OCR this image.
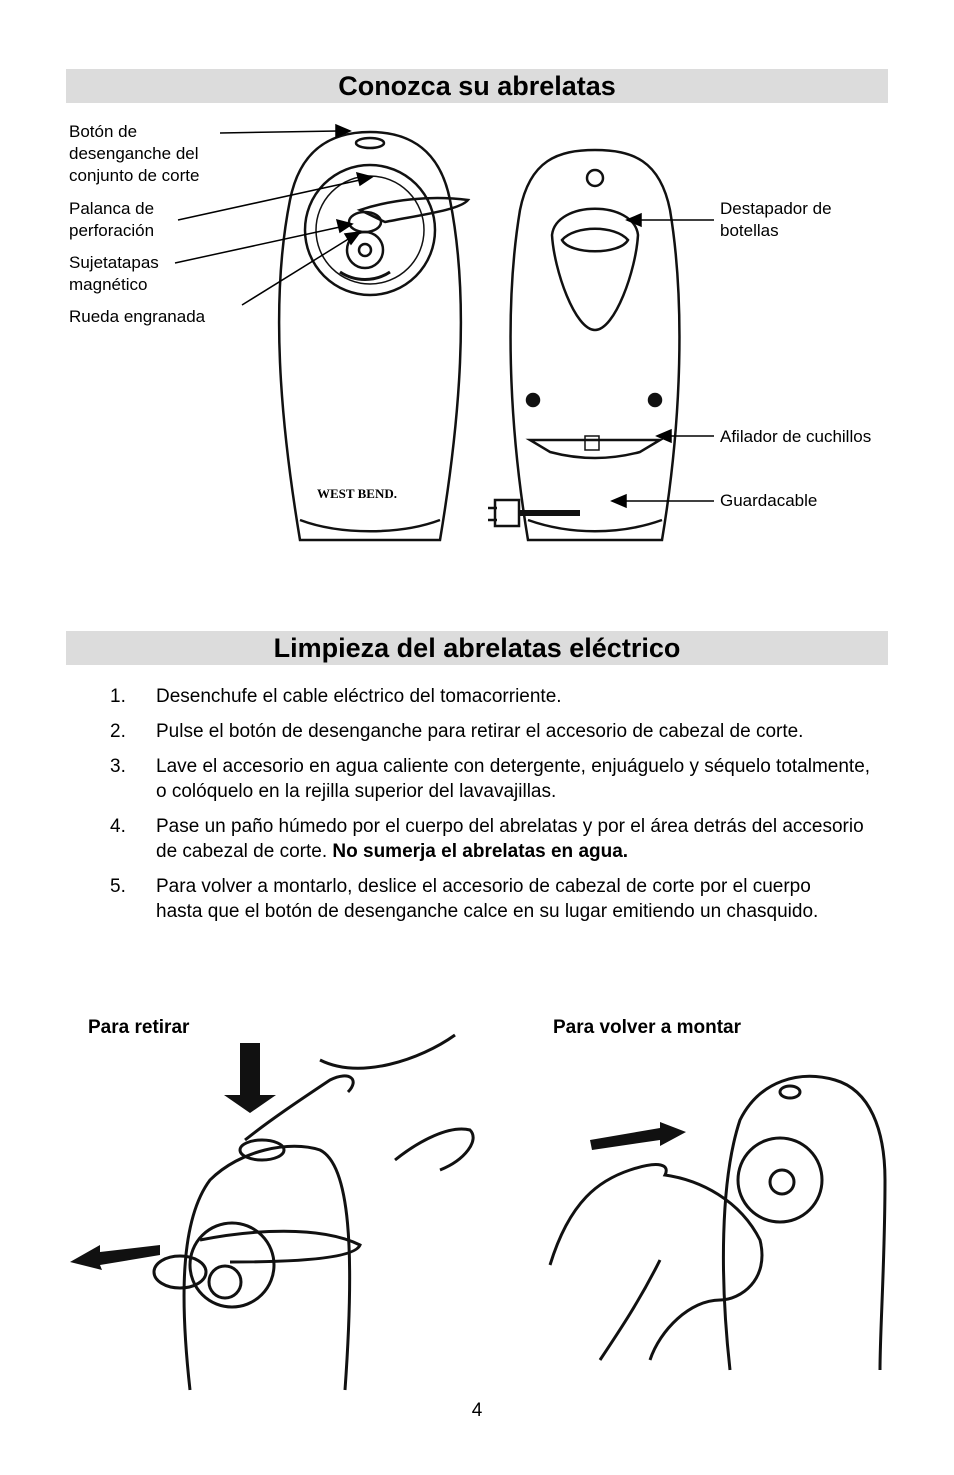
Conozca su abrelatas
WEST BEND.
Botón de
desenganche del
conjunto de corte
Palanca de
perforación
Sujetatapas
magnético
Rueda engranada
Destapador de
botellas
Afilador de cuchillos
Guardacable
Limpieza del abrelatas eléctrico
1.	Desenchufe el cable eléctrico del tomacorriente.
2.	Pulse el botón de desenganche para retirar el accesorio de cabezal de corte.
3.	Lave el accesorio en agua caliente con detergente, enjuáguelo y séquelo totalmente, o colóquelo en la rejilla superior del lavavajillas.
4.	Pase un paño húmedo por el cuerpo del abrelatas y por el área detrás del accesorio de cabezal de corte. No sumerja el abrelatas en agua.
5.	Para volver a montarlo, deslice el accesorio de cabezal de corte por el cuerpo hasta que el botón de desenganche calce en su lugar emitiendo un chasquido.
Para retirar	Para volver a montar
4
